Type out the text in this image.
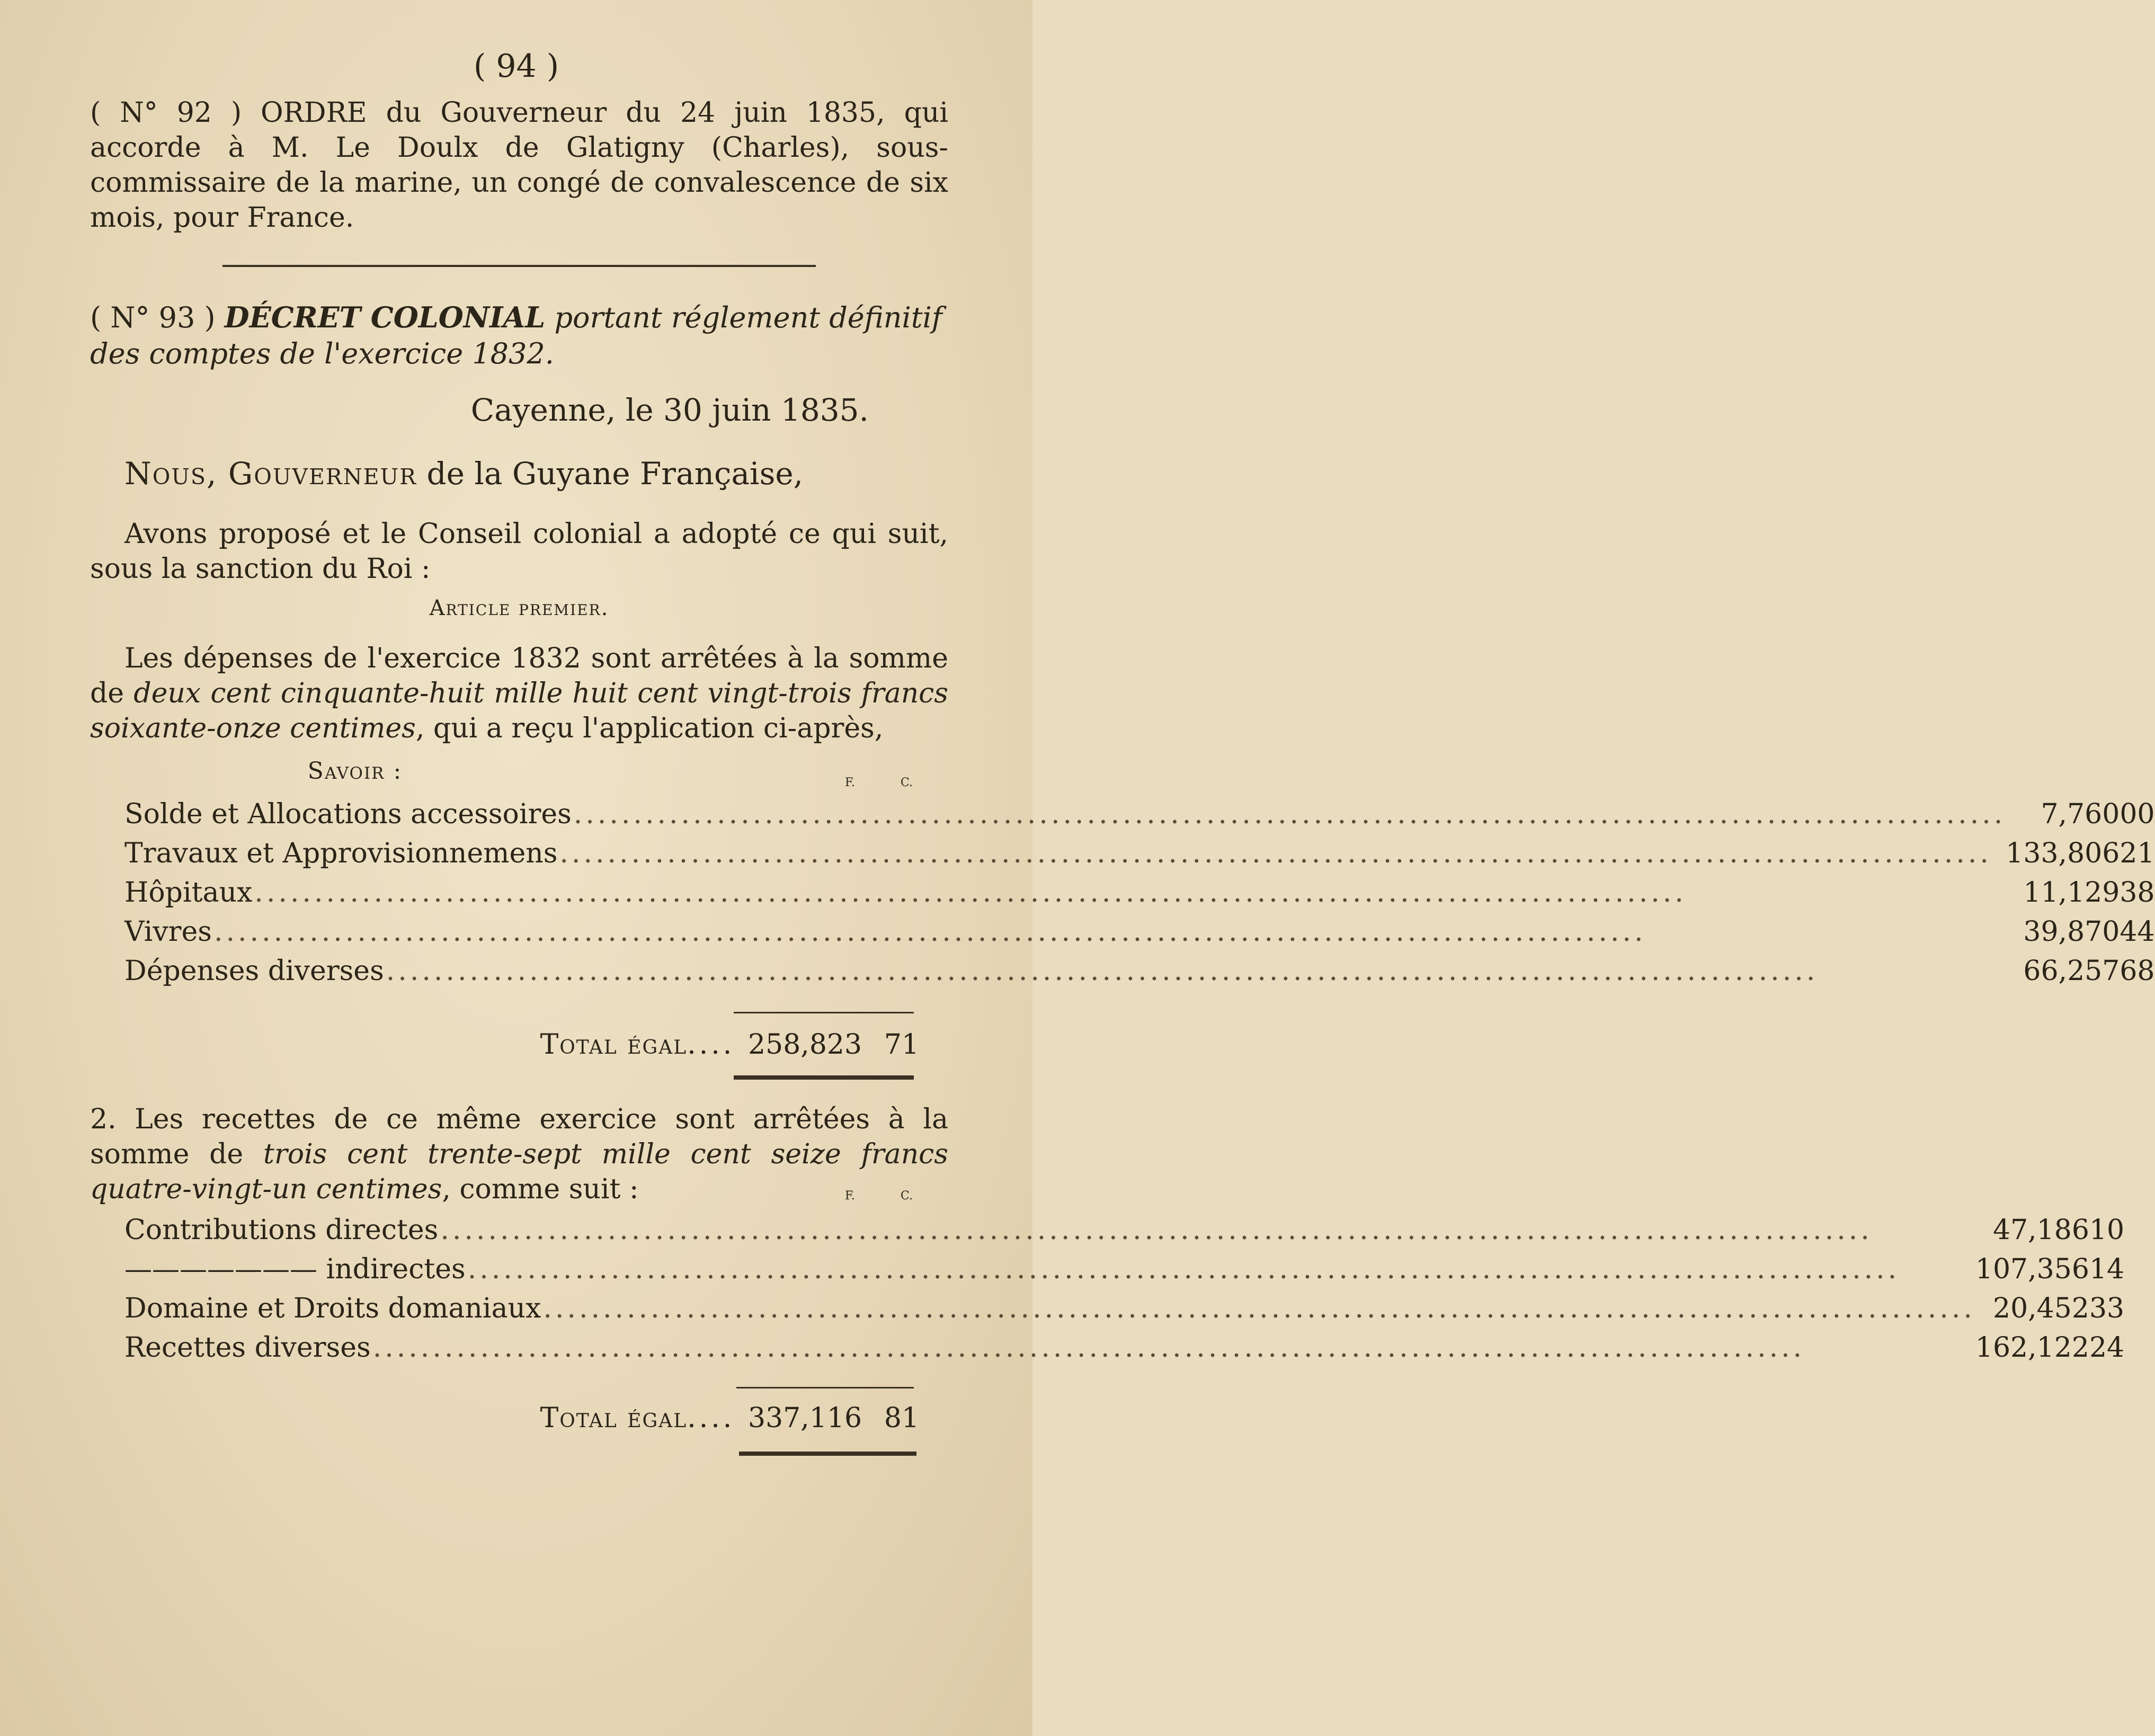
( 94 )
( N° 92 ) ORDRE du Gouverneur du 24 juin 1835, qui accorde à M. Le Doulx de Glatigny (Charles), sous-commissaire de la marine, un congé de convalescence de six mois, pour France.
( N° 93 ) DÉCRET COLONIAL portant réglement définitif des comptes de l'exercice 1832.
Cayenne, le 30 juin 1835.
Nous, Gouverneur de la Guyane Française,
Avons proposé et le Conseil colonial a adopté ce qui suit, sous la sanction du Roi :
Article premier.
Les dépenses de l'exercice 1832 sont arrêtées à la somme de deux cent cinquante-huit mille huit cent vingt-trois francs soixante-onze centimes, qui a reçu l'application ci-après,
Savoir :	F.	C.
Solde et Allocations accessoires ........................................................................................................................	7,760	00

Travaux et Approvisionnemens ........................................................................................................................	133,806	21

Hôpitaux ........................................................................................................................	11,129	38

Vivres ........................................................................................................................	39,870	44

Dépenses diverses ........................................................................................................................	66,257	68
Total égal....	258,823	71
2. Les recettes de ce même exercice sont arrêtées à la somme de trois cent trente-sept mille cent seize francs quatre-vingt-un centimes, comme suit :	F.	C.
Contributions directes ........................................................................................................................	47,186	10

——————— indirectes ........................................................................................................................	107,356	14

Domaine et Droits domaniaux ........................................................................................................................	20,452	33

Recettes diverses ........................................................................................................................	162,122	24
Total égal....	337,116	81
